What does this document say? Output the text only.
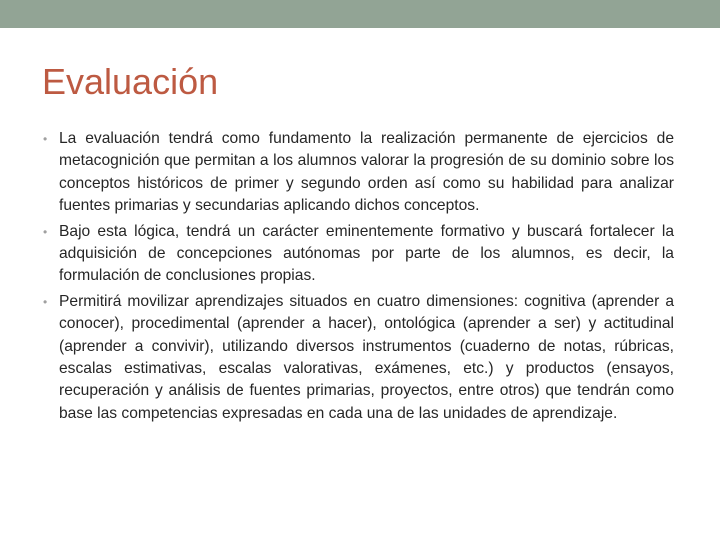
Evaluación
• La evaluación tendrá como fundamento la realización permanente de ejercicios de metacognición que permitan a los alumnos valorar la progresión de su dominio sobre los conceptos históricos de primer y segundo orden así como su habilidad para analizar fuentes primarias y secundarias aplicando dichos conceptos.
• Bajo esta lógica, tendrá un carácter eminentemente formativo y buscará fortalecer la adquisición de concepciones autónomas por parte de los alumnos, es decir, la formulación de conclusiones propias.
• Permitirá movilizar aprendizajes situados en cuatro dimensiones: cognitiva (aprender a conocer), procedimental (aprender a hacer), ontológica (aprender a ser) y actitudinal (aprender a convivir), utilizando diversos instrumentos (cuaderno de notas, rúbricas, escalas estimativas, escalas valorativas, exámenes, etc.) y productos (ensayos, recuperación y análisis de fuentes primarias, proyectos, entre otros) que tendrán como base las competencias expresadas en cada una de las unidades de aprendizaje.
